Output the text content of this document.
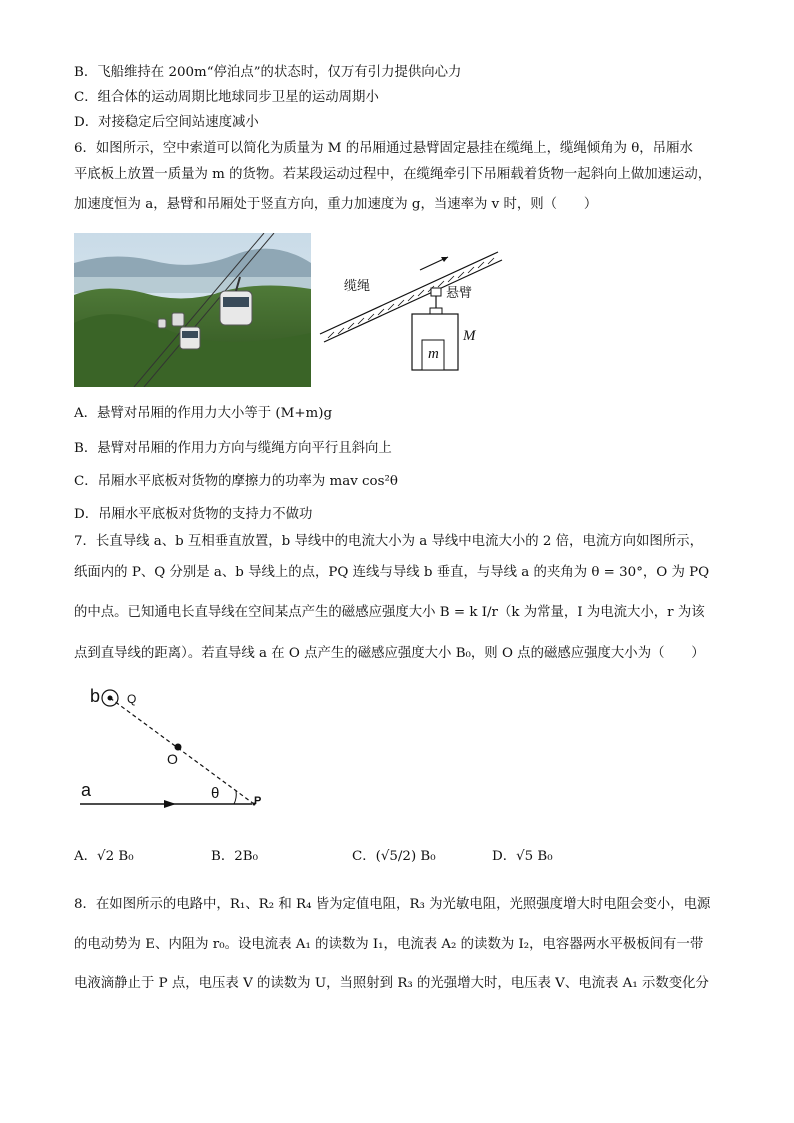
B．飞船维持在 200m“停泊点”的状态时，仅万有引力提供向心力
C．组合体的运动周期比地球同步卫星的运动周期小
D．对接稳定后空间站速度减小
6．如图所示，空中索道可以简化为质量为 M 的吊厢通过悬臂固定悬挂在缆绳上，缆绳倾角为 θ，吊厢水
平底板上放置一质量为 m 的货物。若某段运动过程中，在缆绳牵引下吊厢载着货物一起斜向上做加速运动，
加速度恒为 a，悬臂和吊厢处于竖直方向，重力加速度为 g，当速率为 v 时，则（　　）
缆绳	悬臂
M
m
A．悬臂对吊厢的作用力大小等于 (M+m)g
B．悬臂对吊厢的作用力方向与缆绳方向平行且斜向上
C．吊厢水平底板对货物的摩擦力的功率为 mav cos²θ
D．吊厢水平底板对货物的支持力不做功
7．长直导线 a、b 互相垂直放置，b 导线中的电流大小为 a 导线中电流大小的 2 倍，电流方向如图所示，
纸面内的 P、Q 分别是 a、b 导线上的点，PQ 连线与导线 b 垂直，与导线 a 的夹角为 θ = 30°，O 为 PQ
的中点。已知通电长直导线在空间某点产生的磁感应强度大小 B = k I/r（k 为常量，I 为电流大小，r 为该
点到直导线的距离）。若直导线 a 在 O 点产生的磁感应强度大小 B₀，则 O 点的磁感应强度大小为（　　）
b Q
O
a	θ	P
A．√2 B₀	B．2B₀	C．(√5/2) B₀	D．√5 B₀
8．在如图所示的电路中，R₁、R₂ 和 R₄ 皆为定值电阻，R₃ 为光敏电阻，光照强度增大时电阻会变小，电源
的电动势为 E、内阻为 r₀。设电流表 A₁ 的读数为 I₁，电流表 A₂ 的读数为 I₂，电容器两水平极板间有一带
电液滴静止于 P 点，电压表 V 的读数为 U，当照射到 R₃ 的光强增大时，电压表 V、电流表 A₁ 示数变化分
